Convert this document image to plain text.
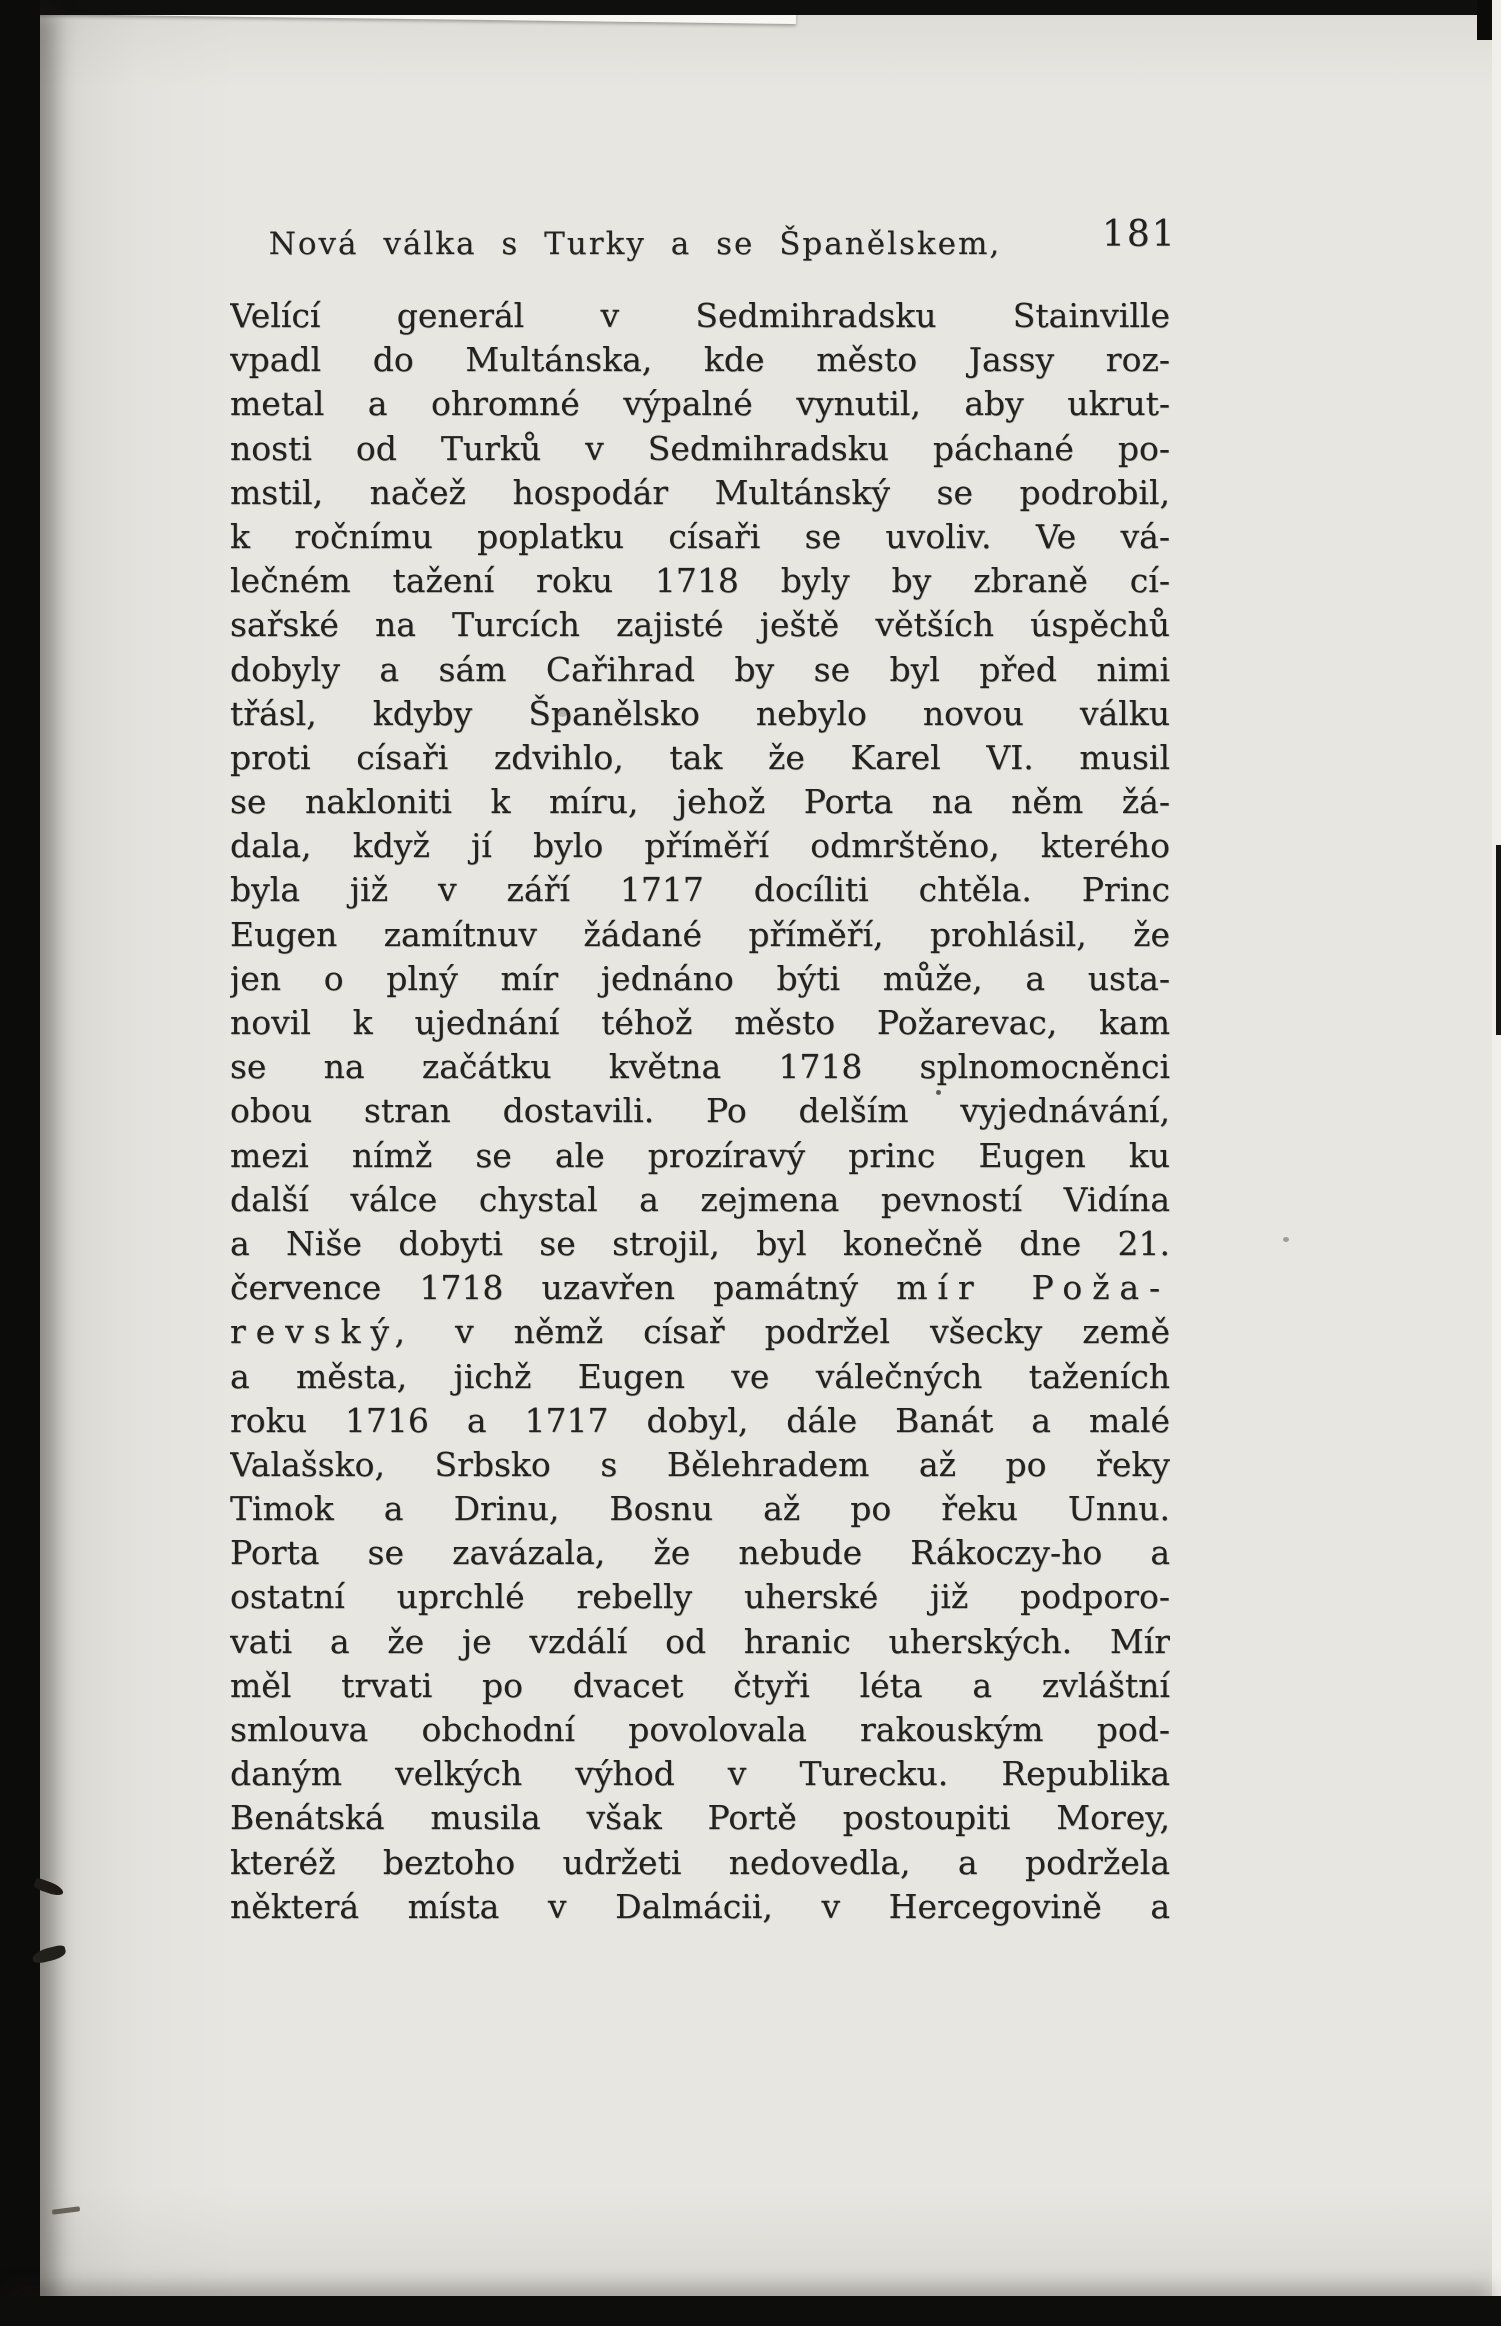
Nová válka s Turky a se Španělskem,	181
Velící generál v Sedmihradsku Stainville
vpadl do Multánska, kde město Jassy roz-
metal a ohromné výpalné vynutil, aby ukrut-
nosti od Turků v Sedmihradsku páchané po-
mstil, načež hospodár Multánský se podrobil,
k ročnímu poplatku císaři se uvoliv. Ve vá-
lečném tažení roku 1718 byly by zbraně cí-
sařské na Turcích zajisté ještě větších úspěchů
dobyly a sám Cařihrad by se byl před nimi
třásl, kdyby Španělsko nebylo novou válku
proti císaři zdvihlo, tak že Karel VI. musil
se nakloniti k míru, jehož Porta na něm žá-
dala, když jí bylo příměří odmrštěno, kterého
byla již v září 1717 docíliti chtěla. Princ
Eugen zamítnuv žádané příměří, prohlásil, že
jen o plný mír jednáno býti může, a usta-
novil k ujednání téhož město Požarevac, kam
se na začátku května 1718 splnomocněnci
obou stran dostavili. Po delším vyjednávání,
mezi nímž se ale prozíravý princ Eugen ku
další válce chystal a zejmena pevností Vidína
a Niše dobyti se strojil, byl konečně dne 21.
července 1718 uzavřen památný mír Poža-
revský, v němž císař podržel všecky země
a města, jichž Eugen ve válečných taženích
roku 1716 a 1717 dobyl, dále Banát a malé
Valašsko, Srbsko s Bělehradem až po řeky
Timok a Drinu, Bosnu až po řeku Unnu.
Porta se zavázala, že nebude Rákoczy-ho a
ostatní uprchlé rebelly uherské již podporo-
vati a že je vzdálí od hranic uherských. Mír
měl trvati po dvacet čtyři léta a zvláštní
smlouva obchodní povolovala rakouským pod-
daným velkých výhod v Turecku. Republika
Benátská musila však Portě postoupiti Morey,
kteréž beztoho udržeti nedovedla, a podržela
některá místa v Dalmácii, v Hercegovině a
